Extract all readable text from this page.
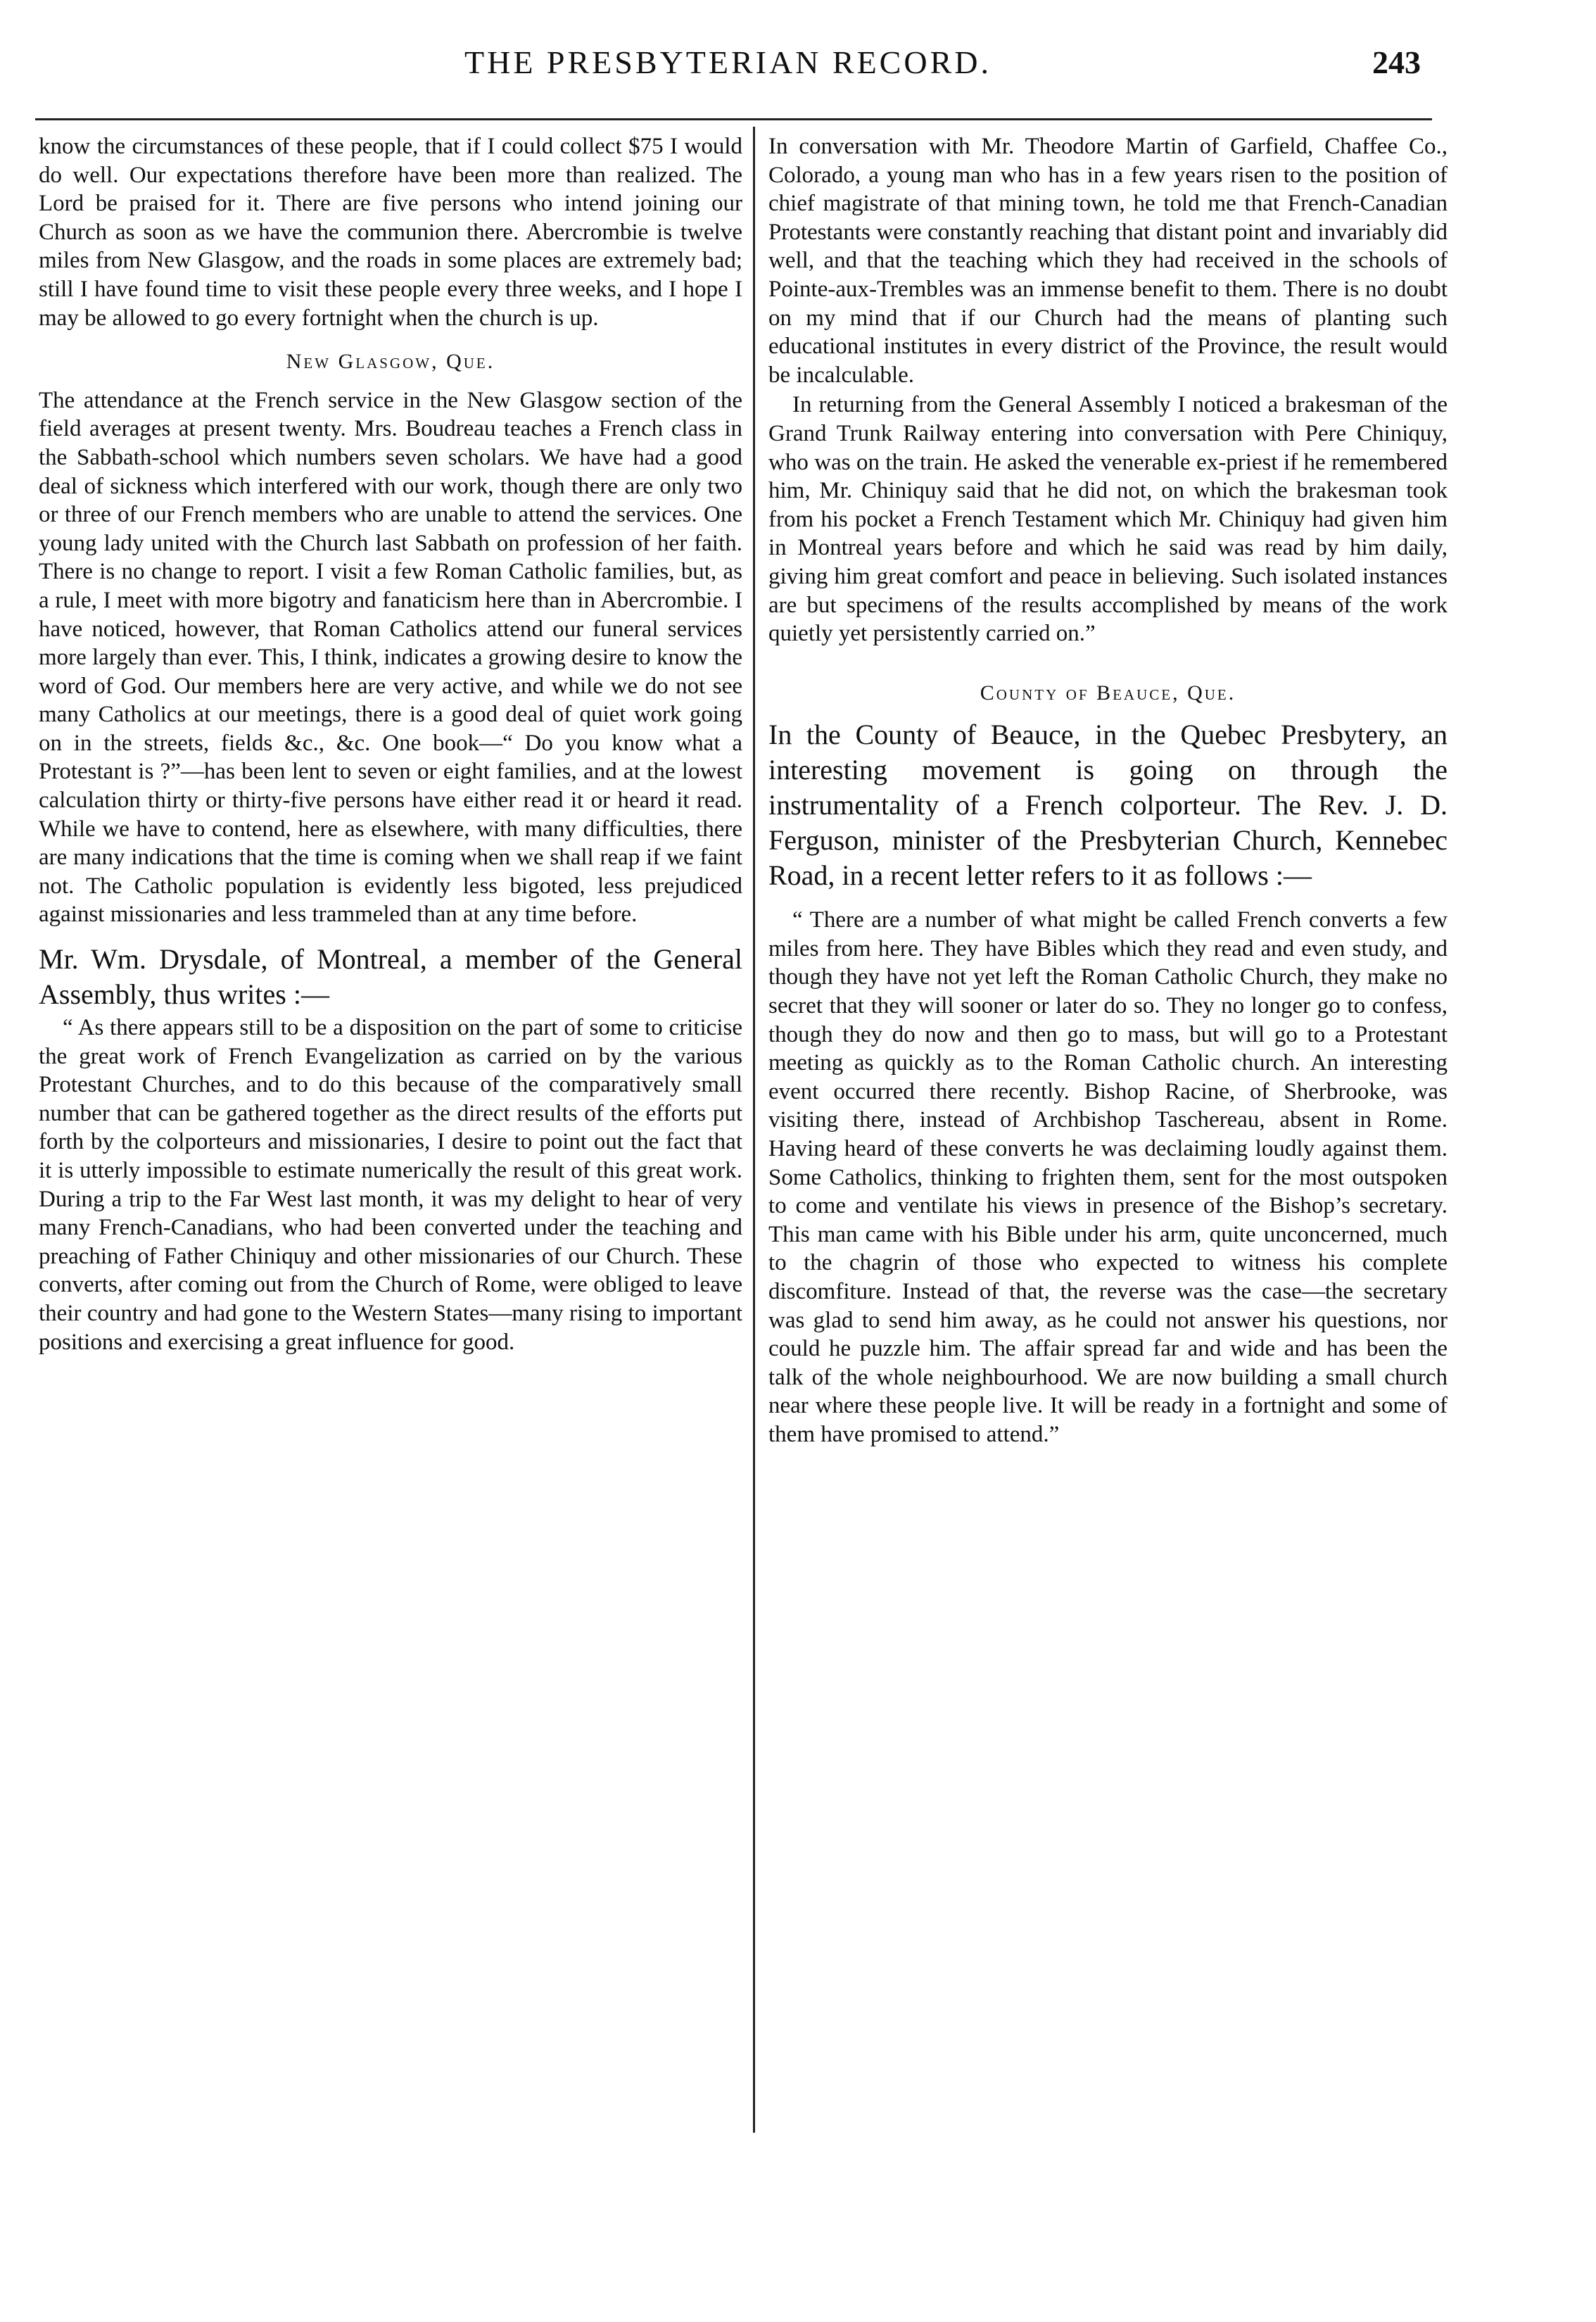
THE PRESBYTERIAN RECORD.	243

know the circumstances of these people, that if I could collect $75 I would do well. Our expectations therefore have been more than realized. The Lord be praised for it. There are five persons who intend joining our Church as soon as we have the communion there. Abercrombie is twelve miles from New Glasgow, and the roads in some places are extremely bad; still I have found time to visit these people every three weeks, and I hope I may be allowed to go every fortnight when the church is up.

New Glasgow, Que.

The attendance at the French service in the New Glasgow section of the field averages at present twenty. Mrs. Boudreau teaches a French class in the Sabbath-school which numbers seven scholars. We have had a good deal of sickness which interfered with our work, though there are only two or three of our French members who are unable to attend the services. One young lady united with the Church last Sabbath on profession of her faith. There is no change to report. I visit a few Roman Catholic families, but, as a rule, I meet with more bigotry and fanaticism here than in Abercrombie. I have noticed, however, that Roman Catholics attend our funeral services more largely than ever. This, I think, indicates a growing desire to know the word of God. Our members here are very active, and while we do not see many Catholics at our meetings, there is a good deal of quiet work going on in the streets, fields &c., &c. One book—“ Do you know what a Protestant is ?”—has been lent to seven or eight families, and at the lowest calculation thirty or thirty-five persons have either read it or heard it read. While we have to contend, here as elsewhere, with many difficulties, there are many indications that the time is coming when we shall reap if we faint not. The Catholic population is evidently less bigoted, less prejudiced against missionaries and less trammeled than at any time before.

Mr. Wm. Drysdale, of Montreal, a member of the General Assembly, thus writes :—

“ As there appears still to be a disposition on the part of some to criticise the great work of French Evangelization as carried on by the various Protestant Churches, and to do this because of the comparatively small number that can be gathered together as the direct results of the efforts put forth by the colporteurs and missionaries, I desire to point out the fact that it is utterly impossible to estimate numerically the result of this great work. During a trip to the Far West last month, it was my delight to hear of very many French-Canadians, who had been converted under the teaching and preaching of Father Chiniquy and other missionaries of our Church. These converts, after coming out from the Church of Rome, were obliged to leave their country and had gone to the Western States—many rising to important positions and exercising a great influence for good.

In conversation with Mr. Theodore Martin of Garfield, Chaffee Co., Colorado, a young man who has in a few years risen to the position of chief magistrate of that mining town, he told me that French-Canadian Protestants were constantly reaching that distant point and invariably did well, and that the teaching which they had received in the schools of Pointe-aux-Trembles was an immense benefit to them. There is no doubt on my mind that if our Church had the means of planting such educational institutes in every district of the Province, the result would be incalculable.

In returning from the General Assembly I noticed a brakesman of the Grand Trunk Railway entering into conversation with Pere Chiniquy, who was on the train. He asked the venerable ex-priest if he remembered him, Mr. Chiniquy said that he did not, on which the brakesman took from his pocket a French Testament which Mr. Chiniquy had given him in Montreal years before and which he said was read by him daily, giving him great comfort and peace in believing. Such isolated instances are but specimens of the results accomplished by means of the work quietly yet persistently carried on.”

County of Beauce, Que.

In the County of Beauce, in the Quebec Presbytery, an interesting movement is going on through the instrumentality of a French colporteur. The Rev. J. D. Ferguson, minister of the Presbyterian Church, Kennebec Road, in a recent letter refers to it as follows :—

“ There are a number of what might be called French converts a few miles from here. They have Bibles which they read and even study, and though they have not yet left the Roman Catholic Church, they make no secret that they will sooner or later do so. They no longer go to confess, though they do now and then go to mass, but will go to a Protestant meeting as quickly as to the Roman Catholic church. An interesting event occurred there recently. Bishop Racine, of Sherbrooke, was visiting there, instead of Archbishop Taschereau, absent in Rome. Having heard of these converts he was declaiming loudly against them. Some Catholics, thinking to frighten them, sent for the most outspoken to come and ventilate his views in presence of the Bishop’s secretary. This man came with his Bible under his arm, quite unconcerned, much to the chagrin of those who expected to witness his complete discomfiture. Instead of that, the reverse was the case—the secretary was glad to send him away, as he could not answer his questions, nor could he puzzle him. The affair spread far and wide and has been the talk of the whole neighbourhood. We are now building a small church near where these people live. It will be ready in a fortnight and some of them have promised to attend.”
